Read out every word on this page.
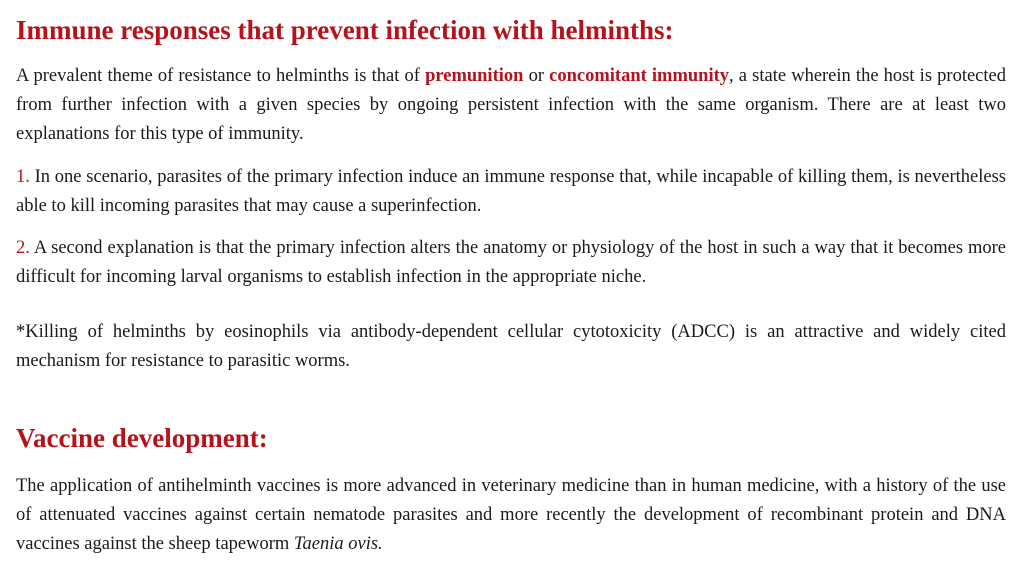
Immune responses that prevent infection with helminths:

A prevalent theme of resistance to helminths is that of premunition or concomitant immunity, a state wherein the host is protected from further infection with a given species by ongoing persistent infection with the same organism. There are at least two explanations for this type of immunity.

1. In one scenario, parasites of the primary infection induce an immune response that, while incapable of killing them, is nevertheless able to kill incoming parasites that may cause a superinfection.

2. A second explanation is that the primary infection alters the anatomy or physiology of the host in such a way that it becomes more difficult for incoming larval organisms to establish infection in the appropriate niche.

*Killing of helminths by eosinophils via antibody-dependent cellular cytotoxicity (ADCC) is an attractive and widely cited mechanism for resistance to parasitic worms.

Vaccine development:

The application of antihelminth vaccines is more advanced in veterinary medicine than in human medicine, with a history of the use of attenuated vaccines against certain nematode parasites and more recently the development of recombinant protein and DNA vaccines against the sheep tapeworm Taenia ovis.
